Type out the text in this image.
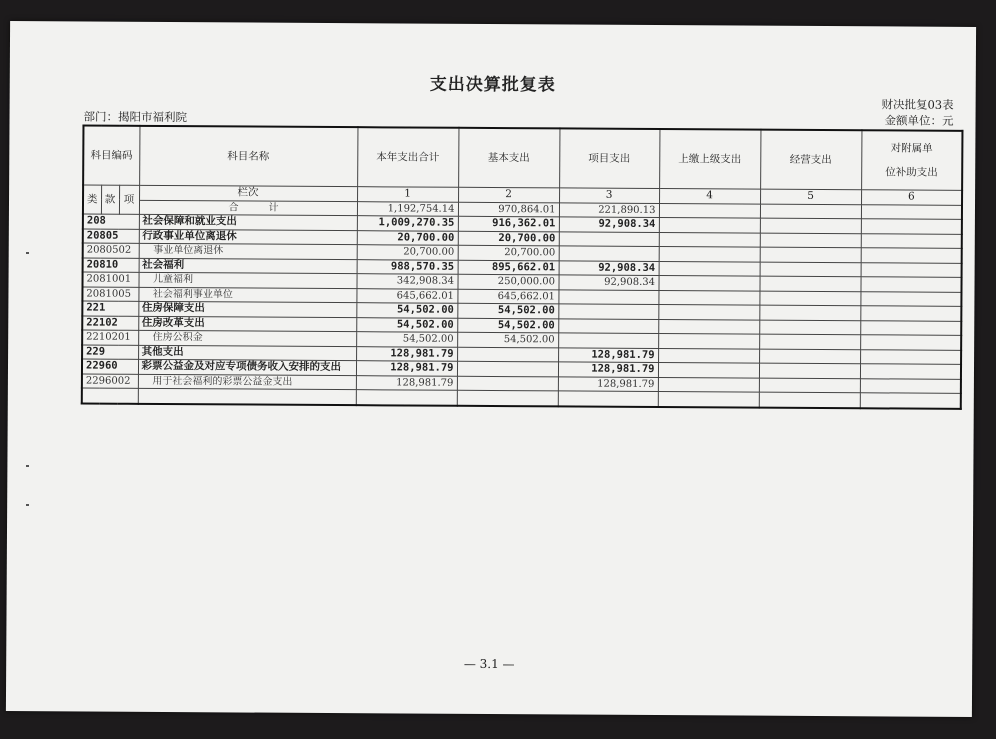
支出决算批复表
财决批复03表
金额单位：元
部门：揭阳市福利院
科目编码			科目名称	本年支出合计	基本支出	项目支出	上缴上级支出	经营支出	对附属单
位补助支出
类	款	项	栏次	1	2	3	4	5	6
			合　　　计	1,192,754.14	970,864.01	221,890.13			
208			社会保障和就业支出	1,009,270.35	916,362.01	92,908.34			
20805			行政事业单位离退休	20,700.00	20,700.00				
2080502			事业单位离退休	20,700.00	20,700.00				
20810			社会福利	988,570.35	895,662.01	92,908.34			
2081001			儿童福利	342,908.34	250,000.00	92,908.34			
2081005			社会福利事业单位	645,662.01	645,662.01				
221			住房保障支出	54,502.00	54,502.00				
22102			住房改革支出	54,502.00	54,502.00				
2210201			住房公积金	54,502.00	54,502.00				
229			其他支出	128,981.79		128,981.79			
22960			彩票公益金及对应专项债务收入安排的支出	128,981.79		128,981.79			
2296002			用于社会福利的彩票公益金支出	128,981.79		128,981.79			

— 3.1 —
